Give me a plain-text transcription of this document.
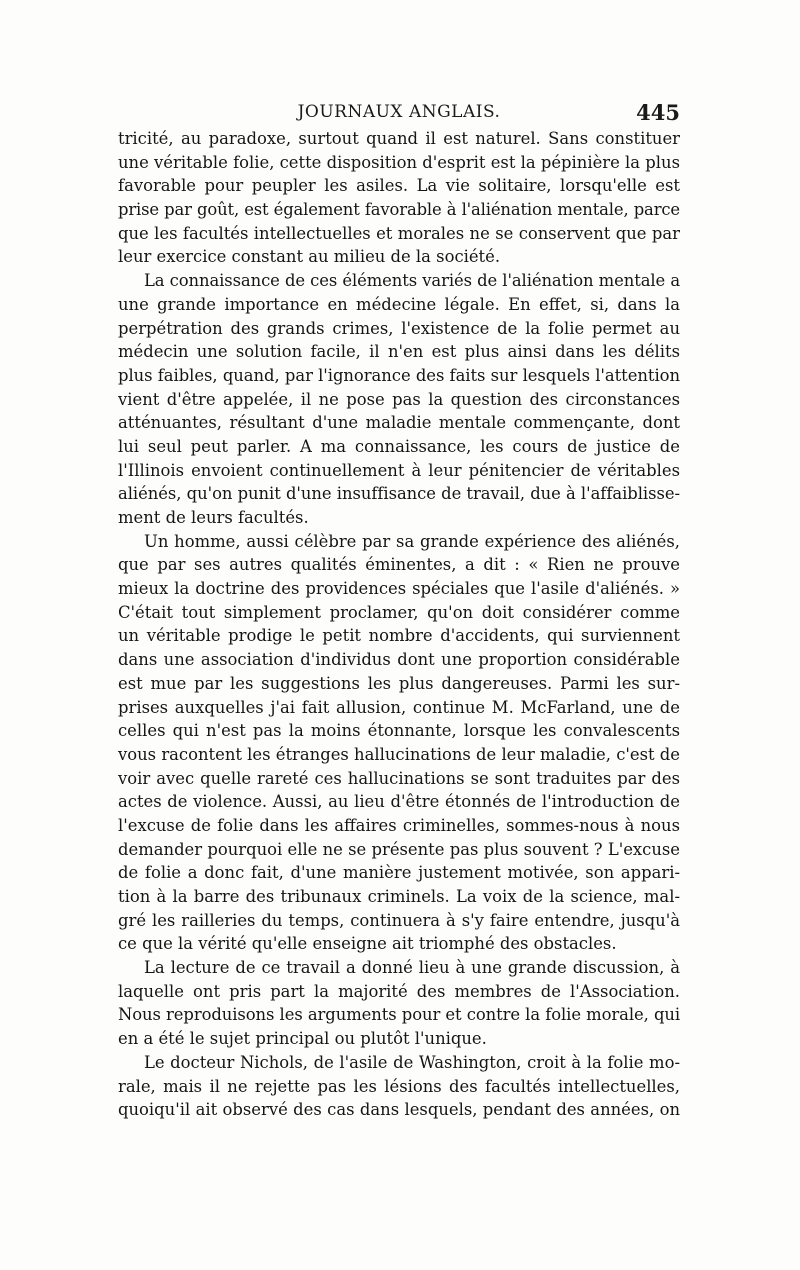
JOURNAUX ANGLAIS.	445
tricité, au paradoxe, surtout quand il est naturel. Sans constituer
une véritable folie, cette disposition d'esprit est la pépinière la plus
favorable pour peupler les asiles. La vie solitaire, lorsqu'elle est
prise par goût, est également favorable à l'aliénation mentale, parce
que les facultés intellectuelles et morales ne se conservent que par
leur exercice constant au milieu de la société.
La connaissance de ces éléments variés de l'aliénation mentale a
une grande importance en médecine légale. En effet, si, dans la
perpétration des grands crimes, l'existence de la folie permet au
médecin une solution facile, il n'en est plus ainsi dans les délits
plus faibles, quand, par l'ignorance des faits sur lesquels l'attention
vient d'être appelée, il ne pose pas la question des circonstances
atténuantes, résultant d'une maladie mentale commençante, dont
lui seul peut parler. A ma connaissance, les cours de justice de
l'Illinois envoient continuellement à leur pénitencier de véritables
aliénés, qu'on punit d'une insuffisance de travail, due à l'affaiblisse-
ment de leurs facultés.
Un homme, aussi célèbre par sa grande expérience des aliénés,
que par ses autres qualités éminentes, a dit : « Rien ne prouve
mieux la doctrine des providences spéciales que l'asile d'aliénés. »
C'était tout simplement proclamer, qu'on doit considérer comme
un véritable prodige le petit nombre d'accidents, qui surviennent
dans une association d'individus dont une proportion considérable
est mue par les suggestions les plus dangereuses. Parmi les sur-
prises auxquelles j'ai fait allusion, continue M. McFarland, une de
celles qui n'est pas la moins étonnante, lorsque les convalescents
vous racontent les étranges hallucinations de leur maladie, c'est de
voir avec quelle rareté ces hallucinations se sont traduites par des
actes de violence. Aussi, au lieu d'être étonnés de l'introduction de
l'excuse de folie dans les affaires criminelles, sommes-nous à nous
demander pourquoi elle ne se présente pas plus souvent ? L'excuse
de folie a donc fait, d'une manière justement motivée, son appari-
tion à la barre des tribunaux criminels. La voix de la science, mal-
gré les railleries du temps, continuera à s'y faire entendre, jusqu'à
ce que la vérité qu'elle enseigne ait triomphé des obstacles.
La lecture de ce travail a donné lieu à une grande discussion, à
laquelle ont pris part la majorité des membres de l'Association.
Nous reproduisons les arguments pour et contre la folie morale, qui
en a été le sujet principal ou plutôt l'unique.
Le docteur Nichols, de l'asile de Washington, croit à la folie mo-
rale, mais il ne rejette pas les lésions des facultés intellectuelles,
quoiqu'il ait observé des cas dans lesquels, pendant des années, on
